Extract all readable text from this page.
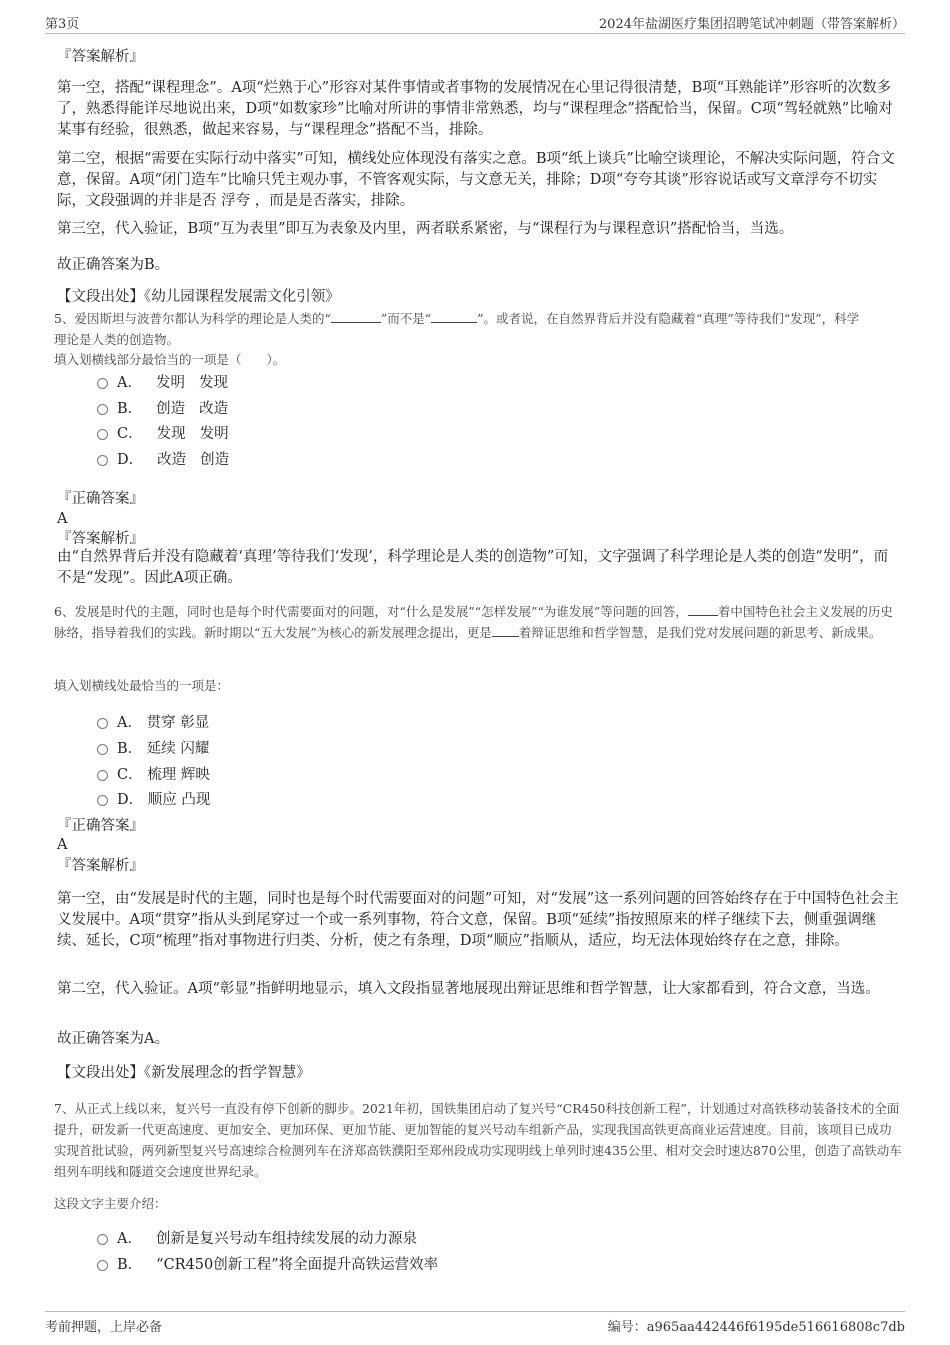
第3页	2024年盐湖医疗集团招聘笔试冲刺题（带答案解析）

『答案解析』

第一空，搭配“课程理念”。A项“烂熟于心”形容对某件事情或者事物的发展情况在心里记得很清楚，B项“耳熟能详”形容听的次数多了，熟悉得能详尽地说出来，D项“如数家珍”比喻对所讲的事情非常熟悉，均与“课程理念”搭配恰当，保留。C项“驾轻就熟”比喻对某事有经验，很熟悉，做起来容易，与“课程理念”搭配不当，排除。

第二空，根据“需要在实际行动中落实”可知，横线处应体现没有落实之意。B项“纸上谈兵”比喻空谈理论，不解决实际问题，符合文意，保留。A项“闭门造车”比喻只凭主观办事，不管客观实际，与文意无关，排除；D项“夸夸其谈”形容说话或写文章浮夸不切实际，文段强调的并非是否 浮夸 ，而是是否落实，排除。

第三空，代入验证，B项“互为表里”即互为表象及内里，两者联系紧密，与“课程行为与课程意识”搭配恰当，当选。

故正确答案为B。

【文段出处】《幼儿园课程发展需文化引领》

5、爱因斯坦与波普尔都认为科学的理论是人类的“	”而不是“	”。或者说，在自然界背后并没有隐藏着“真理”等待我们“发现”，科学
理论是人类的创造物。

填入划横线部分最恰当的一项是（　　）。

A． 发明 发现
B． 创造 改造
C． 发现 发明
D． 改造 创造

『正确答案』

A

『答案解析』

由“自然界背后并没有隐藏着‘真理’等待我们‘发现’，科学理论是人类的创造物”可知，文字强调了科学理论是人类的创造“发明”，而不是“发现”。因此A项正确。

6、发展是时代的主题，同时也是每个时代需要面对的问题，对“什么是发展”“怎样发展”“为谁发展”等问题的回答， 着中国特色社会主义发展的历史脉络，指导着我们的实践。新时期以“五大发展”为核心的新发展理念提出，更是 着辩证思维和哲学智慧，是我们党对发展问题的新思考、新成果。

填入划横线处最恰当的一项是：

A．
贯穿 彰显
B．
延续 闪耀
C．
梳理 辉映
D．
顺应 凸现

『正确答案』

A

『答案解析』

第一空，由“发展是时代的主题，同时也是每个时代需要面对的问题”可知，对“发展”这一系列问题的回答始终存在于中国特色社会主义发展中。A项“贯穿”指从头到尾穿过一个或一系列事物，符合文意，保留。B项“延续”指按照原来的样子继续下去，侧重强调继续、延长，C项“梳理”指对事物进行归类、分析，使之有条理，D项“顺应”指顺从，适应，均无法体现始终存在之意，排除。

第二空，代入验证。A项“彰显”指鲜明地显示，填入文段指显著地展现出辩证思维和哲学智慧，让大家都看到，符合文意，当选。

故正确答案为A。

【文段出处】《新发展理念的哲学智慧》

7、从正式上线以来，复兴号一直没有停下创新的脚步。2021年初，国铁集团启动了复兴号“CR450科技创新工程”，计划通过对高铁移动装备技术的全面提升，研发新一代更高速度、更加安全、更加环保、更加节能、更加智能的复兴号动车组新产品，实现我国高铁更高商业运营速度。目前，该项目已成功实现首批试验，两列新型复兴号高速综合检测列车在济郑高铁濮阳至郑州段成功实现明线上单列时速435公里、相对交会时速达870公里，创造了高铁动车组列车明线和隧道交会速度世界纪录。

这段文字主要介绍：

A． 创新是复兴号动车组持续发展的动力源泉
B． “CR450创新工程”将全面提升高铁运营效率
考前押题，上岸必备	编号：a965aa442446f6195de516616808c7db
